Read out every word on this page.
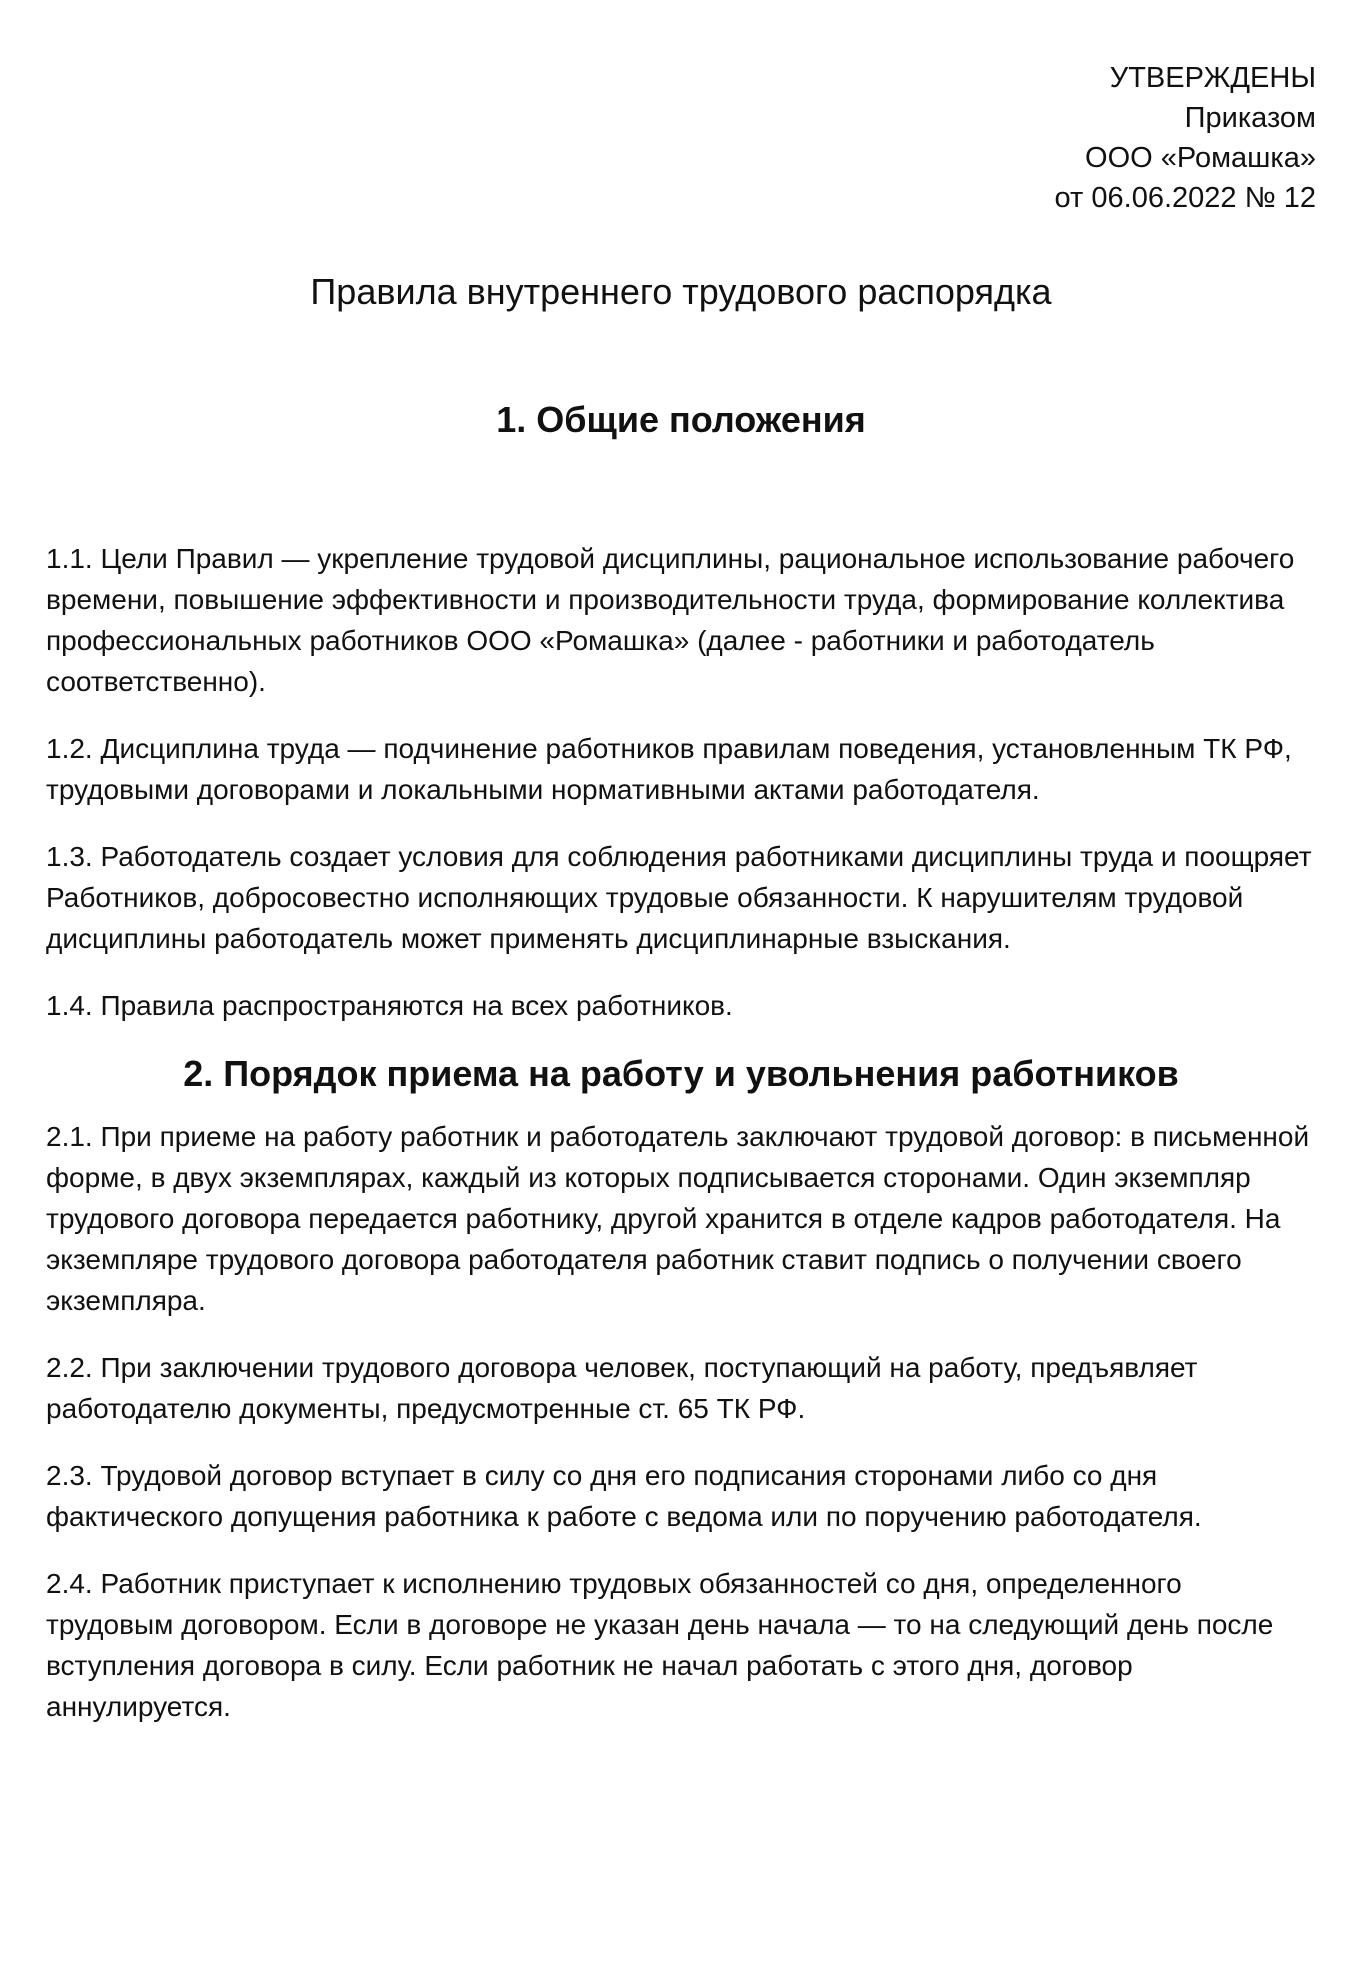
УТВЕРЖДЕНЫ
Приказом
ООО «Ромашка»
от 06.06.2022 № 12
Правила внутреннего трудового распорядка
1. Общие положения

1.1. Цели Правил — укрепление трудовой дисциплины, рациональное использование рабочего времени, повышение эффективности и производительности труда, формирование коллектива профессиональных работников ООО «Ромашка» (далее - работники и работодатель соответственно).

1.2. Дисциплина труда — подчинение работников правилам поведения, установленным ТК РФ, трудовыми договорами и локальными нормативными актами работодателя.

1.3. Работодатель создает условия для соблюдения работниками дисциплины труда и поощряет Работников, добросовестно исполняющих трудовые обязанности. К нарушителям трудовой дисциплины работодатель может применять дисциплинарные взыскания.

1.4. Правила распространяются на всех работников.

2. Порядок приема на работу и увольнения работников

2.1. При приеме на работу работник и работодатель заключают трудовой договор: в письменной форме, в двух экземплярах, каждый из которых подписывается сторонами. Один экземпляр трудового договора передается работнику, другой хранится в отделе кадров работодателя. На экземпляре трудового договора работодателя работник ставит подпись о получении своего экземпляра.

2.2. При заключении трудового договора человек, поступающий на работу, предъявляет работодателю документы, предусмотренные ст. 65 ТК РФ.

2.3. Трудовой договор вступает в силу со дня его подписания сторонами либо со дня фактического допущения работника к работе с ведома или по поручению работодателя.

2.4. Работник приступает к исполнению трудовых обязанностей со дня, определенного трудовым договором. Если в договоре не указан день начала — то на следующий день после вступления договора в силу. Если работник не начал работать с этого дня, договор аннулируется.
